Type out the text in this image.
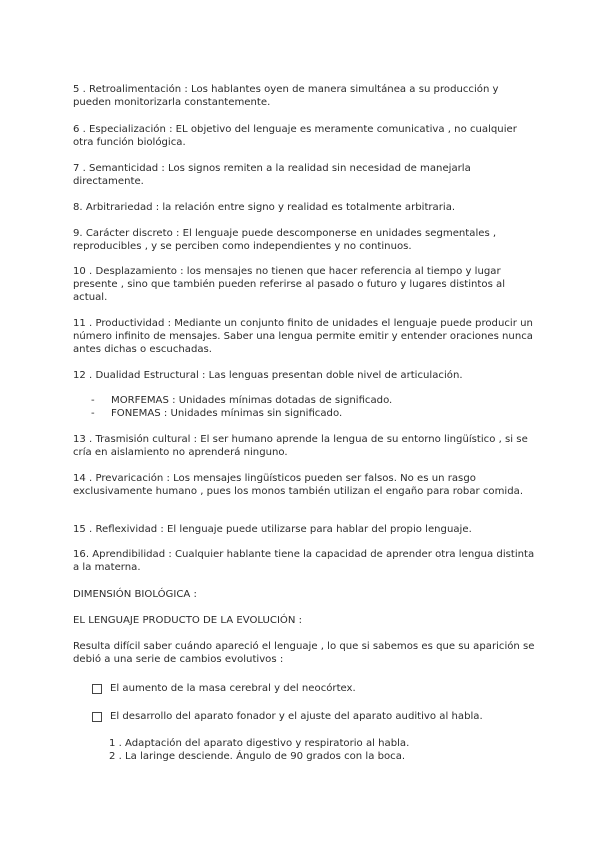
5 . Retroalimentación : Los hablantes oyen de manera simultánea a su producción y pueden monitorizarla constantemente.

6 . Especialización : EL objetivo del lenguaje es meramente comunicativa , no cualquier otra función biológica.

7 . Semanticidad : Los signos remiten a la realidad sin necesidad de manejarla directamente.

8. Arbitrariedad : la relación entre signo y realidad es totalmente arbitraria.

9. Carácter discreto : El lenguaje puede descomponerse en unidades segmentales , reproducibles , y se perciben como independientes y no continuos.

10 . Desplazamiento : los mensajes no tienen que hacer referencia al tiempo y lugar presente , sino que también pueden referirse al pasado o futuro y lugares distintos al actual.

11 . Productividad : Mediante un conjunto finito de unidades el lenguaje puede producir un número infinito de mensajes. Saber una lengua permite emitir y entender oraciones nunca antes dichas o escuchadas.

12 . Dualidad Estructural : Las lenguas presentan doble nivel de articulación.

- MORFEMAS : Unidades mínimas dotadas de significado.
- FONEMAS : Unidades mínimas sin significado.

13 . Trasmisión cultural : El ser humano aprende la lengua de su entorno lingüístico , si se cría en aislamiento no aprenderá ninguno.

14 . Prevaricación : Los mensajes lingüísticos pueden ser falsos. No es un rasgo exclusivamente humano , pues los monos también utilizan el engaño para robar comida.

15 . Reflexividad : El lenguaje puede utilizarse para hablar del propio lenguaje.

16. Aprendibilidad : Cualquier hablante tiene la capacidad de aprender otra lengua distinta a la materna.

DIMENSIÓN BIOLÓGICA :

EL LENGUAJE PRODUCTO DE LA EVOLUCIÓN :

Resulta difícil saber cuándo apareció el lenguaje , lo que si sabemos es que su aparición se debió a una serie de cambios evolutivos :

El aumento de la masa cerebral y del neocórtex.
El desarrollo del aparato fonador y el ajuste del aparato auditivo al habla.
1 . Adaptación del aparato digestivo y respiratorio al habla.
2 . La laringe desciende. Ángulo de 90 grados con la boca.
